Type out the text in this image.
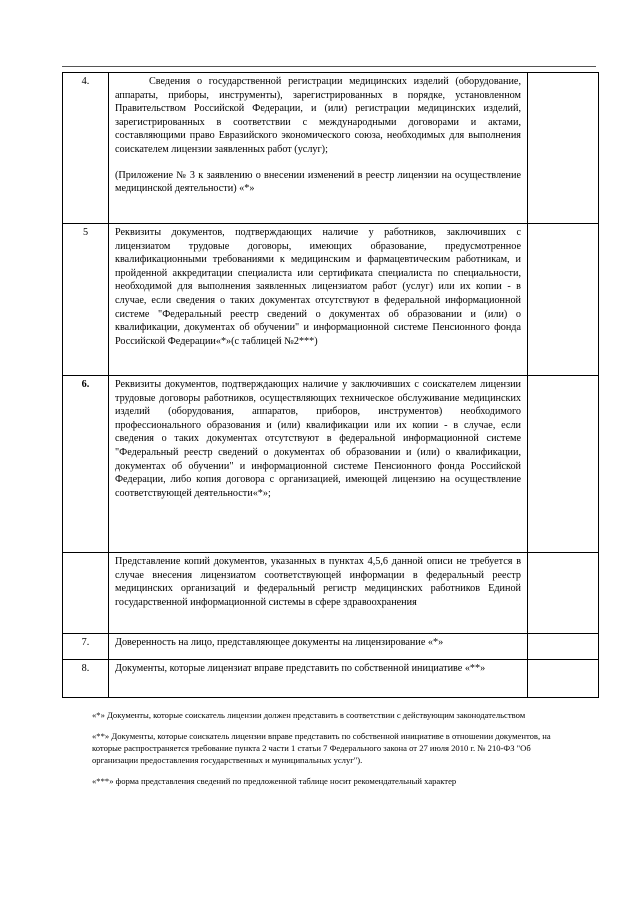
4.	Сведения о государственной регистрации медицинских изделий (оборудование, аппараты, приборы, инструменты), зарегистрированных в порядке, установленном Правительством Российской Федерации, и (или) регистрации медицинских изделий, зарегистрированных в соответствии с международными договорами и актами, составляющими право Евразийского экономического союза, необходимых для выполнения соискателем лицензии заявленных работ (услуг);

(Приложение № 3 к заявлению о внесении изменений в реестр лицензии на осуществление медицинской деятельности) «*»	

5	Реквизиты документов, подтверждающих наличие у работников, заключивших с лицензиатом трудовые договоры, имеющих образование, предусмотренное квалификационными требованиями к медицинским и фармацевтическим работникам, и пройденной аккредитации специалиста или сертификата специалиста по специальности, необходимой для выполнения заявленных лицензиатом работ (услуг) или их копии - в случае, если сведения о таких документах отсутствуют в федеральной информационной системе "Федеральный реестр сведений о документах об образовании и (или) о квалификации, документах об обучении" и информационной системе Пенсионного фонда Российской Федерации«*»(с таблицей №2***)	

6.	Реквизиты документов, подтверждающих наличие у заключивших с соискателем лицензии трудовые договоры работников, осуществляющих техническое обслуживание медицинских изделий (оборудования, аппаратов, приборов, инструментов) необходимого профессионального образования и (или) квалификации или их копии - в случае, если сведения о таких документах отсутствуют в федеральной информационной системе "Федеральный реестр сведений о документах об образовании и (или) о квалификации, документах об обучении" и информационной системе Пенсионного фонда Российской Федерации, либо копия договора с организацией, имеющей лицензию на осуществление соответствующей деятельности«*»;	

	Представление копий документов, указанных в пунктах 4,5,6 данной описи не требуется в случае внесения лицензиатом соответствующей информации в федеральный реестр медицинских организаций и федеральный регистр медицинских работников Единой государственной информационной системы в сфере здравоохранения	

7.	Доверенность на лицо, представляющее документы на лицензирование «*»	

8.	Документы, которые лицензиат вправе представить по собственной инициативе «**»	

«*» Документы, которые соискатель лицензии должен представить в соответствии с действующим законодательством

«**» Документы, которые соискатель лицензии вправе представить по собственной инициативе в отношении документов, на которые распространяется требование пункта 2 части 1 статьи 7 Федерального закона от 27 июля 2010 г. № 210-ФЗ "Об организации предоставления государственных и муниципальных услуг").

«***» форма представления сведений по предложенной таблице носит рекомендательный характер
